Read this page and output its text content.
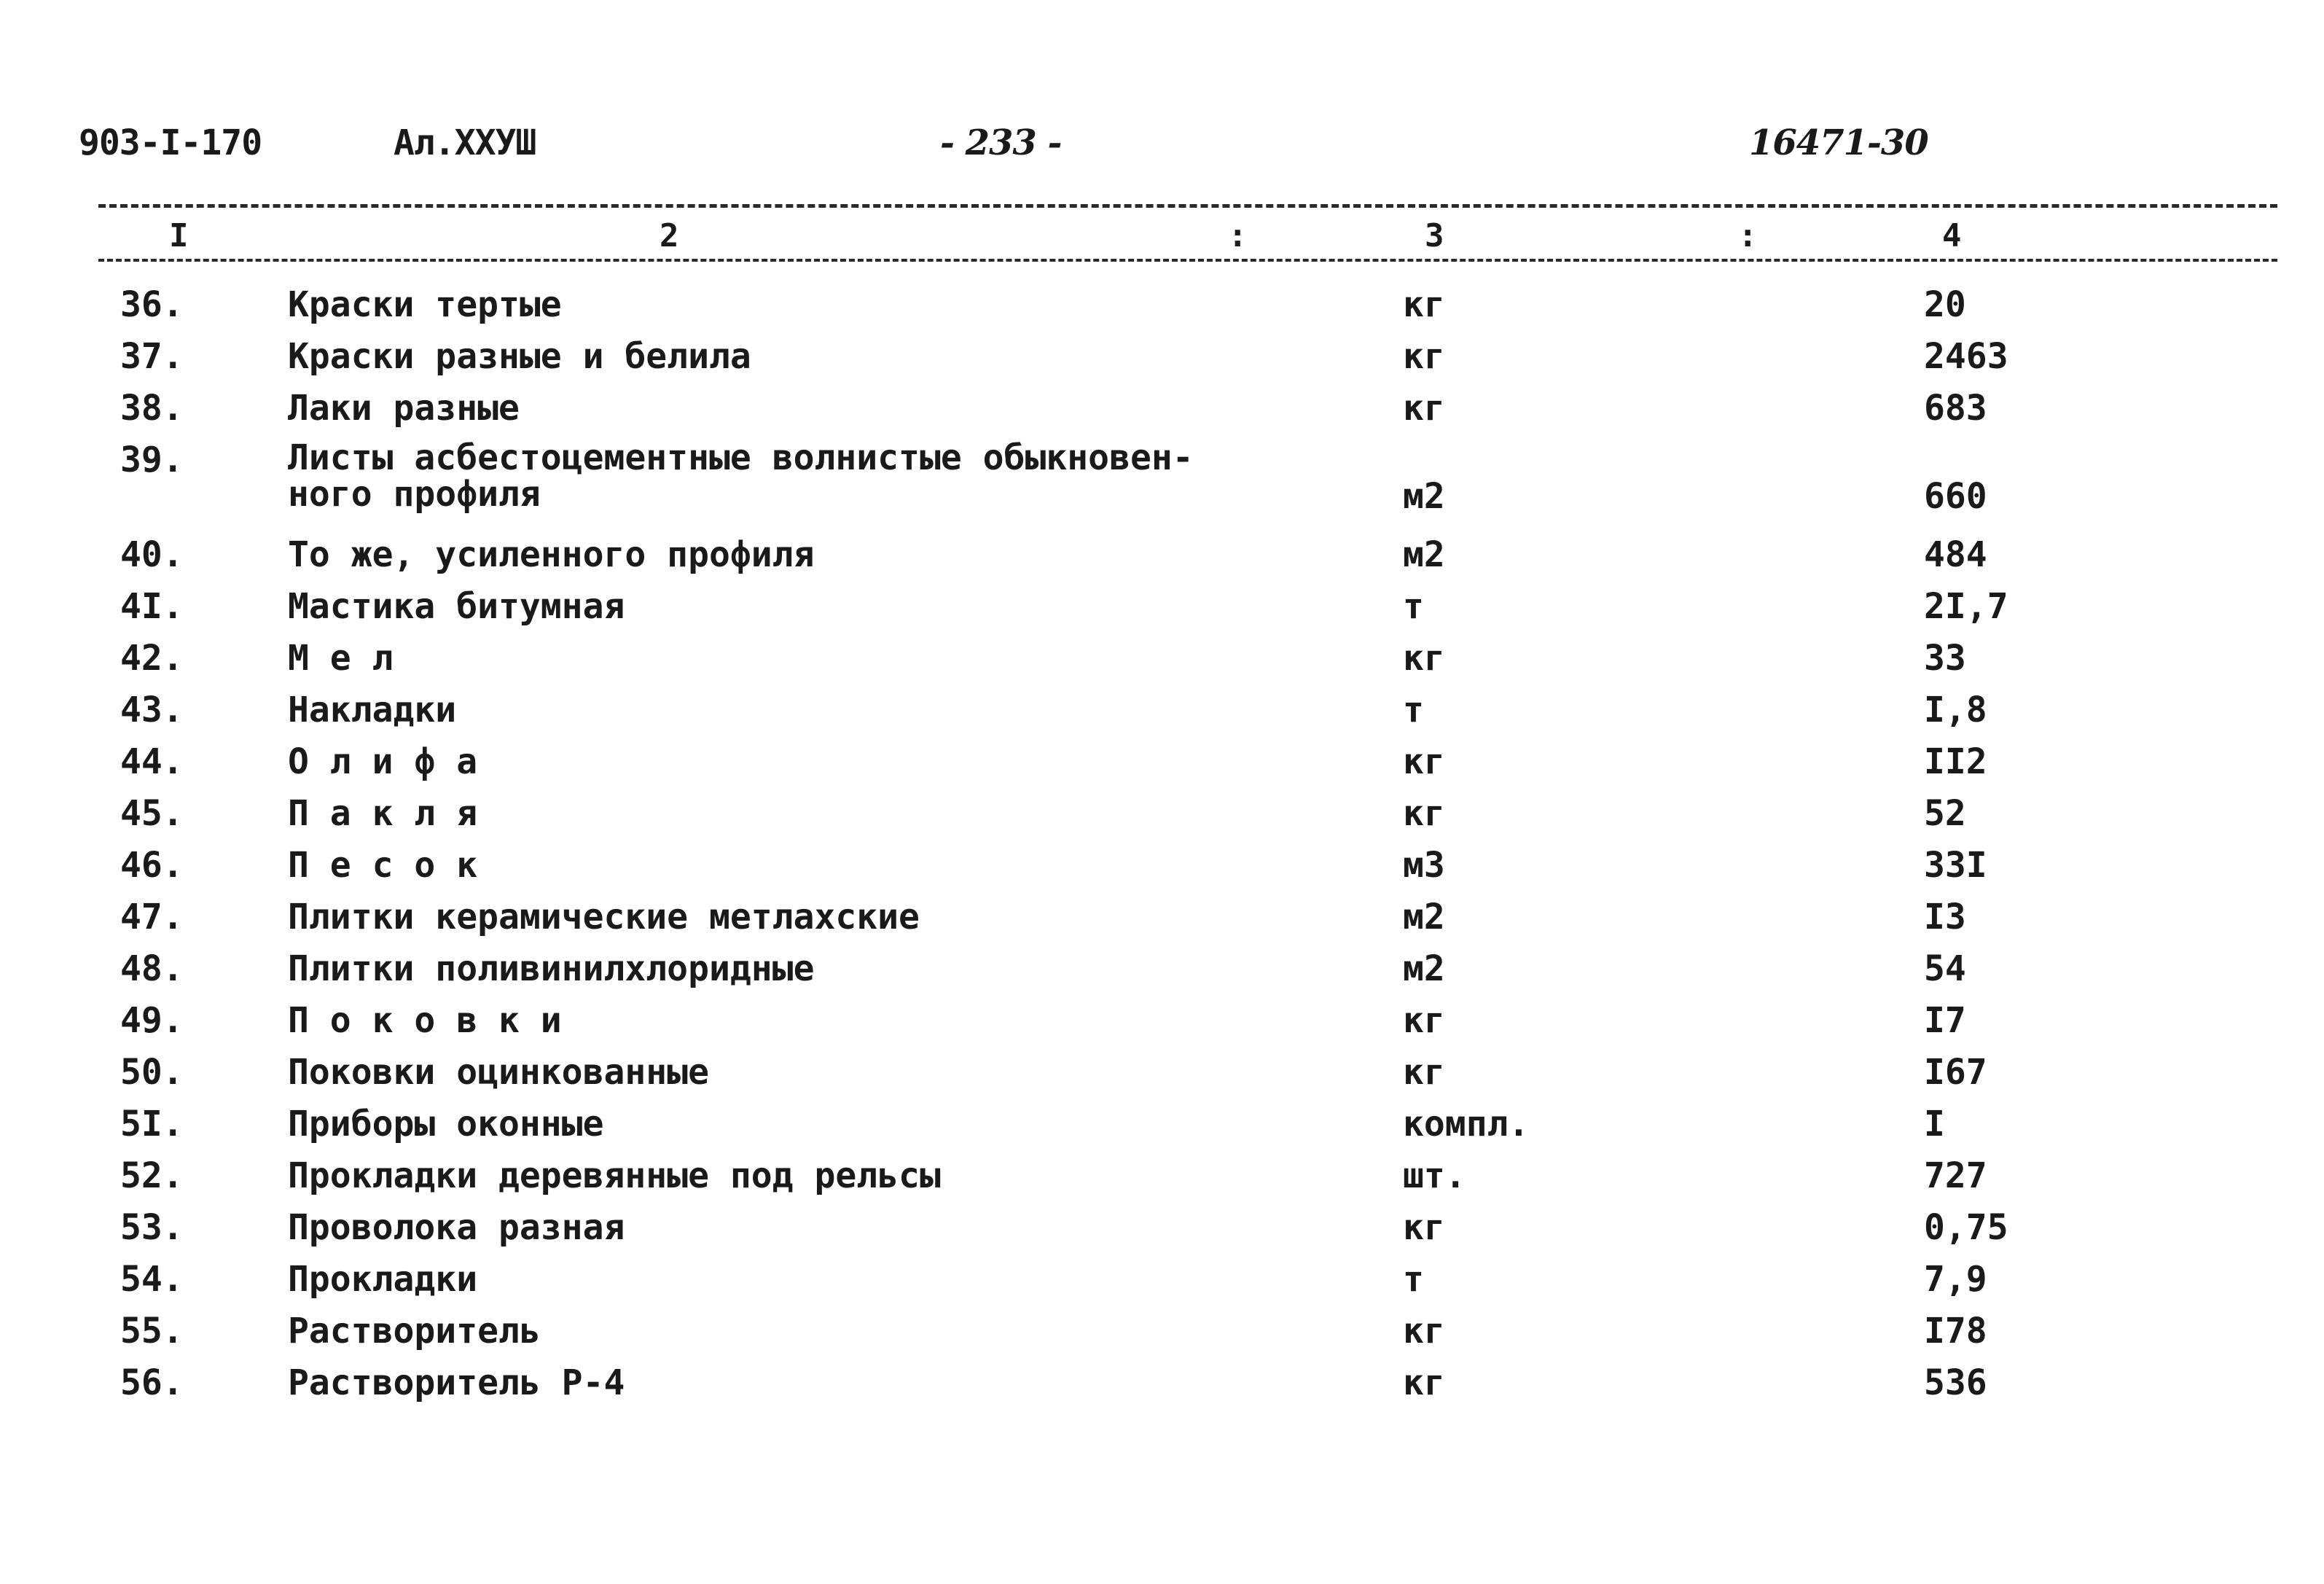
903-I-170	Ал.ХХУШ	- 233 -	16471-30
I	2	:	3	:	4
36.	Краски тертые	кг	20
37.	Краски разные и белила	кг	2463
38.	Лаки разные	кг	683
39.	Листы асбестоцементные волнистые обыкновен-
ного профиля	м2	660
40.	То же, усиленного профиля	м2	484
4I.	Мастика битумная	т	2I,7
42.	М е л	кг	33
43.	Накладки	т	I,8
44.	О л и ф а	кг	II2
45.	П а к л я	кг	52
46.	П е с о к	м3	33I
47.	Плитки керамические метлахские	м2	I3
48.	Плитки поливинилхлоридные	м2	54
49.	П о к о в к и	кг	I7
50.	Поковки оцинкованные	кг	I67
5I.	Приборы оконные	компл.	I
52.	Прокладки деревянные под рельсы	шт.	727
53.	Проволока разная	кг	0,75
54.	Прокладки	т	7,9
55.	Растворитель	кг	I78
56.	Растворитель Р-4	кг	536
